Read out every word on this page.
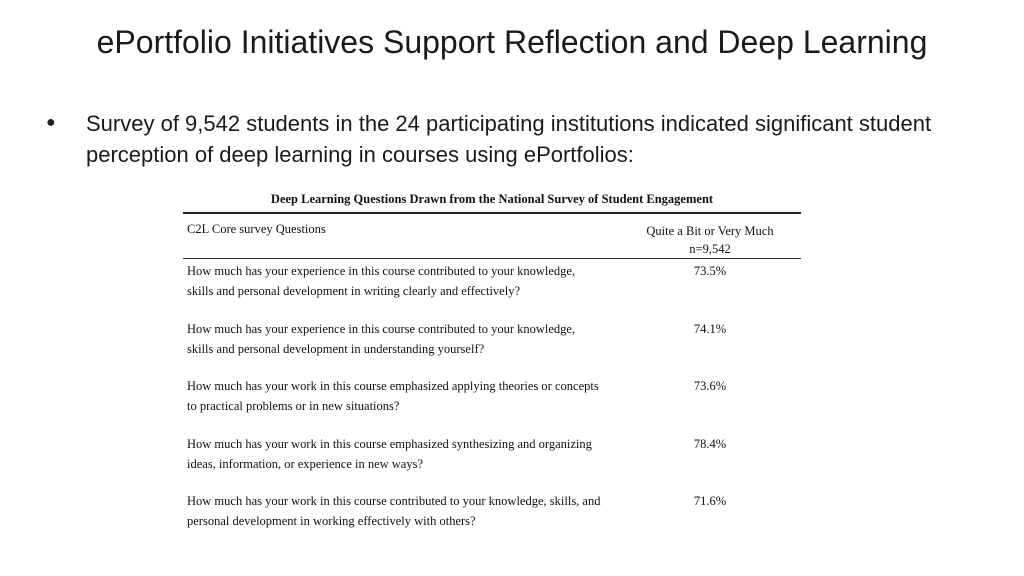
ePortfolio Initiatives Support Reflection and Deep Learning
●	Survey of 9,542 students in the 24 participating institutions indicated significant student perception of deep learning in courses using ePortfolios:
Deep Learning Questions Drawn from the National Survey of Student Engagement
C2L Core survey Questions	Quite a Bit or Very Much
n=9,542
How much has your experience in this course contributed to your knowledge,
skills and personal development in writing clearly and effectively?
73.5%
How much has your experience in this course contributed to your knowledge,
skills and personal development in understanding yourself?
74.1%
How much has your work in this course emphasized applying theories or concepts
to practical problems or in new situations?
73.6%
How much has your work in this course emphasized synthesizing and organizing
ideas, information, or experience in new ways?
78.4%
How much has your work in this course contributed to your knowledge, skills, and
personal development in working effectively with others?
71.6%
